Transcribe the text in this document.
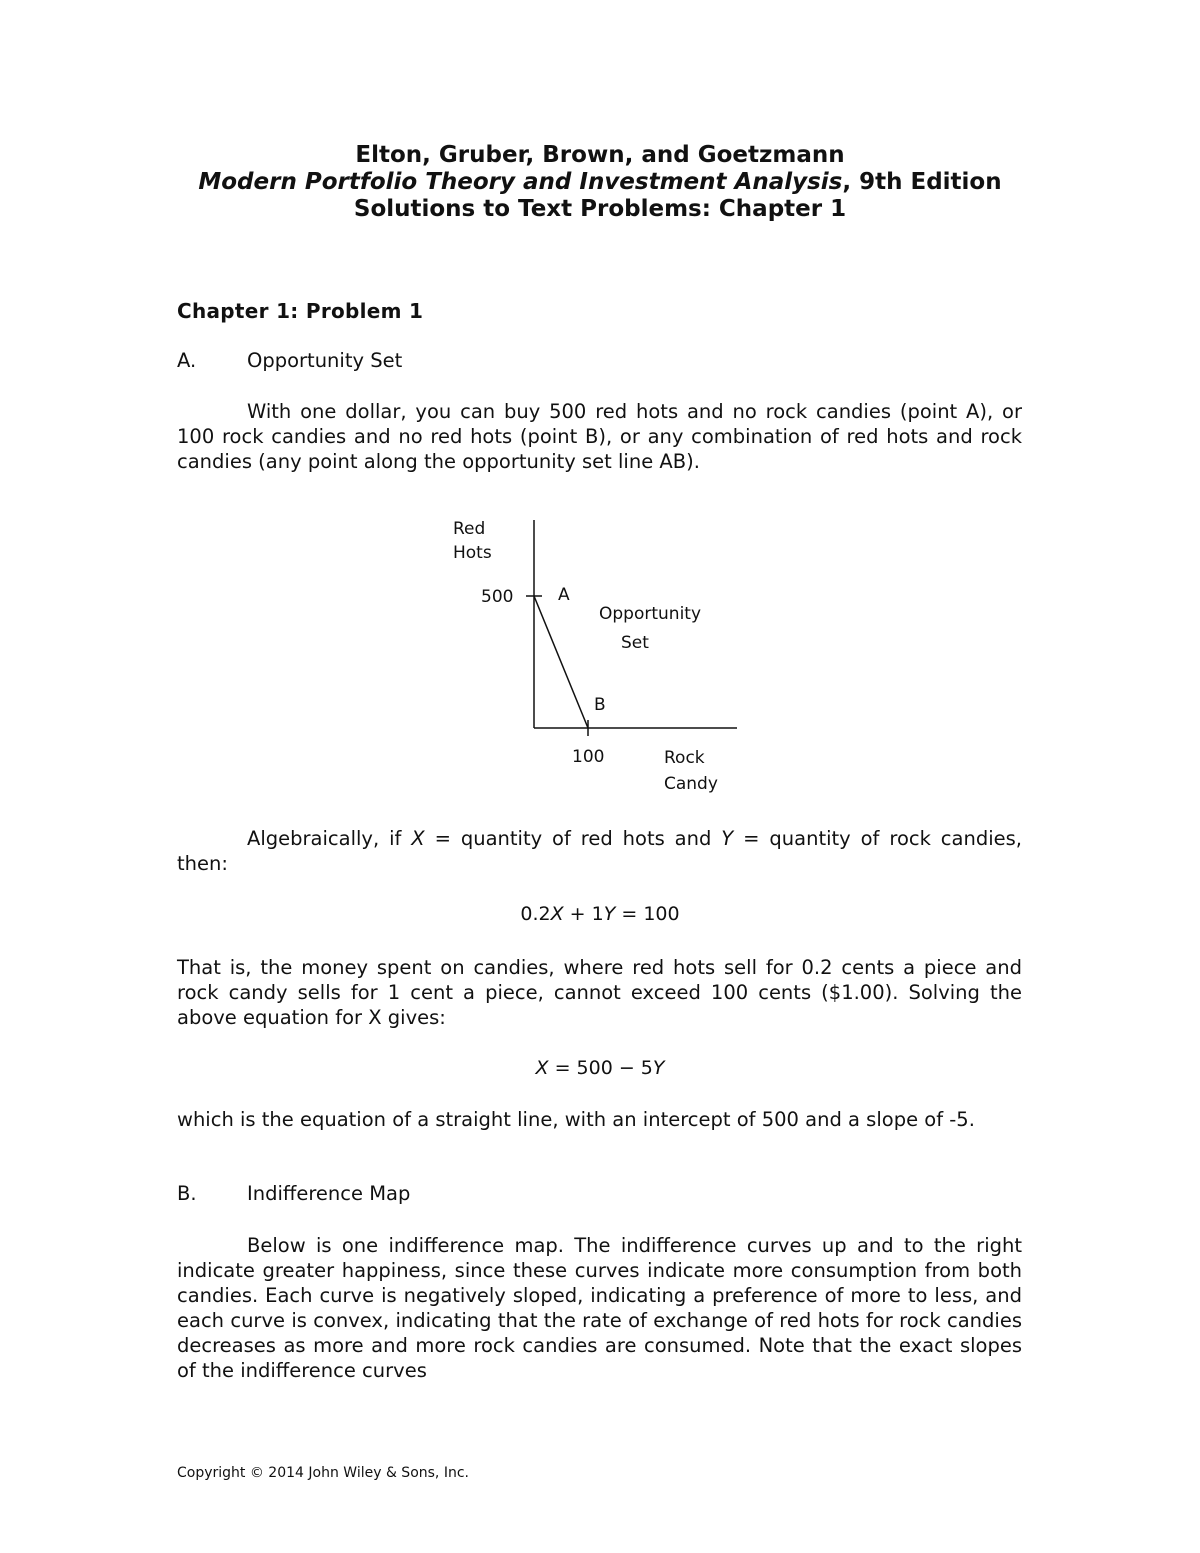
Elton, Gruber, Brown, and Goetzmann
Modern Portfolio Theory and Investment Analysis, 9th Edition
Solutions to Text Problems: Chapter 1
Chapter 1: Problem 1
A.	Opportunity Set
With one dollar, you can buy 500 red hots and no rock candies (point A), or 100 rock candies and no red hots (point B), or any combination of red hots and rock candies (any point along the opportunity set line AB).
Red
Hots
500	A
Opportunity
Set
B
100	Rock
Candy
Algebraically, if X = quantity of red hots and Y = quantity of rock candies, then:
0.2X + 1Y = 100
That is, the money spent on candies, where red hots sell for 0.2 cents a piece and rock candy sells for 1 cent a piece, cannot exceed 100 cents ($1.00). Solving the above equation for X gives:
X = 500 − 5Y
which is the equation of a straight line, with an intercept of 500 and a slope of -5.
B.	Indifference Map
Below is one indifference map. The indifference curves up and to the right indicate greater happiness, since these curves indicate more consumption from both candies. Each curve is negatively sloped, indicating a preference of more to less, and each curve is convex, indicating that the rate of exchange of red hots for rock candies decreases as more and more rock candies are consumed. Note that the exact slopes of the indifference curves
Copyright © 2014 John Wiley & Sons, Inc.
